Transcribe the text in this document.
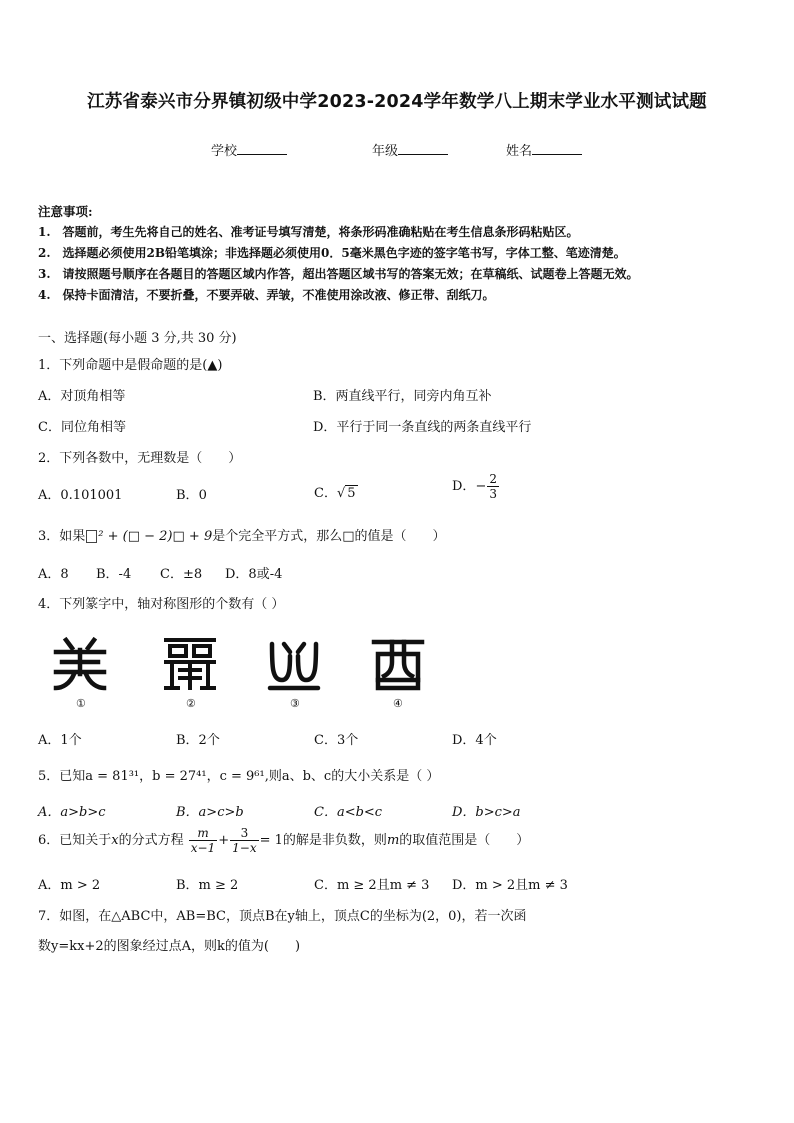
江苏省泰兴市分界镇初级中学2023-2024学年数学八上期末学业水平测试试题
学校	年级	姓名
注意事项:
1.　答题前，考生先将自己的姓名、准考证号填写清楚，将条形码准确粘贴在考生信息条形码粘贴区。
2.　选择题必须使用2B铅笔填涂；非选择题必须使用0．5毫米黑色字迹的签字笔书写，字体工整、笔迹清楚。
3.　请按照题号顺序在各题目的答题区域内作答，超出答题区域书写的答案无效；在草稿纸、试题卷上答题无效。
4.　保持卡面清洁，不要折叠，不要弄破、弄皱，不准使用涂改液、修正带、刮纸刀。
一、选择题(每小题 3 分,共 30 分)
1．下列命题中是假命题的是(▲)
A．对顶角相等	B．两直线平行，同旁内角互补
C．同位角相等	D．平行于同一条直线的两条直线平行
2．下列各数中，无理数是（　　）
A．0.101001	B．0	C．√ 5	D．− $\frac{2}{3}$
3．如果 ² + (□ − 2)□ + 9是个完全平方式，那么□的值是（　　）
A．8 B．-4 C．±8 D．8或-4
4．下列篆字中，轴对称图形的个数有（ ）
①	②	③	④
A．1个	B．2个	C．3个	D．4个
5．已知a = 81³¹，b = 27⁴¹，c = 9⁶¹,则a、b、c的大小关系是（ ）
A．a>b>c	B．a>c>b	C．a<b<c	D．b>c>a
6．已知关于x的分式方程 $\frac{m}{x-1} + \frac{3}{1-x} = 1$的解是非负数，则m的取值范围是（　　）
A．m > 2	B．m ≥ 2	C．m ≥ 2且m ≠ 3 D．m > 2且m ≠ 3
7．如图，在△ABC中，AB=BC，顶点B在y轴上，顶点C的坐标为(2，0)，若一次函
数y=kx+2的图象经过点A，则k的值为(　　)
